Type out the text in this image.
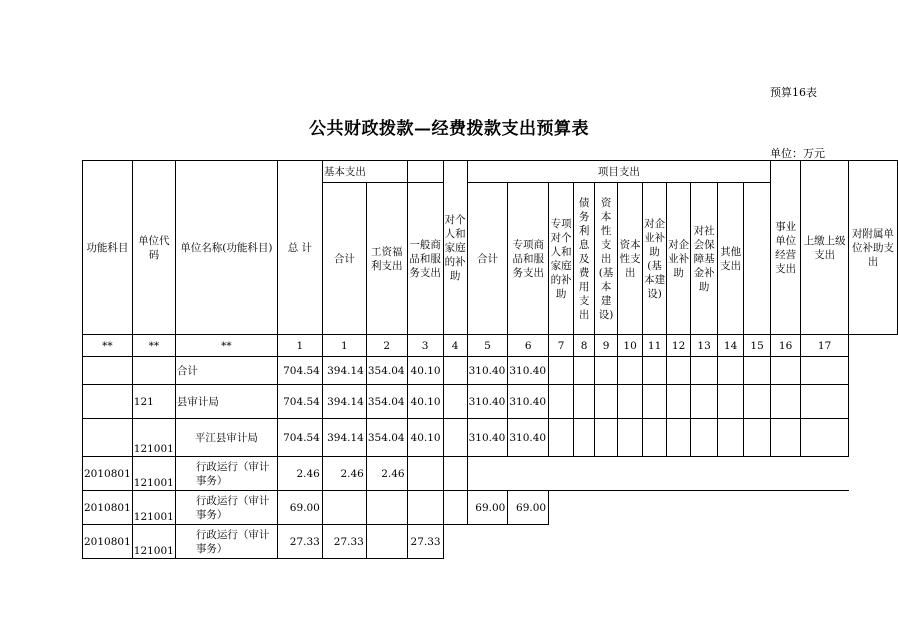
预算16表
公共财政拨款—经费拨款支出预算表
单位：万元
功能科目	单位代码	单位名称(功能科目)	总 计	基本支出			对个人和家庭的补助	项目支出											事业单位经营支出	上缴上级支出	对附属单位补助支出
				合计	工资福利支出	一般商品和服务支出		合计	专项商品和服务支出	专项对个人和家庭的补助	债务利息及费用支出	资本性支出(基本建设)	资本性支出	对企业补助(基本建设)	对企业补助	对社会保障基金补助	其他支出				

**	**	**	1	1	2	3	4	5	6	7	8	9	10	11	12	13	14	15	16	17	
		合计	704.54	394.14	354.04	40.10		310.40	310.40												
	121	县审计局	704.54	394.14	354.04	40.10		310.40	310.40												
	121001	平江县审计局	704.54	394.14	354.04	40.10		310.40	310.40												
2010801	121001	行政运行（审计事务）	2.46	2.46	2.46																
2010801	121001	行政运行（审计事务）	69.00					69.00	69.00												
2010801	121001	行政运行（审计事务）	27.33	27.33		27.33															
